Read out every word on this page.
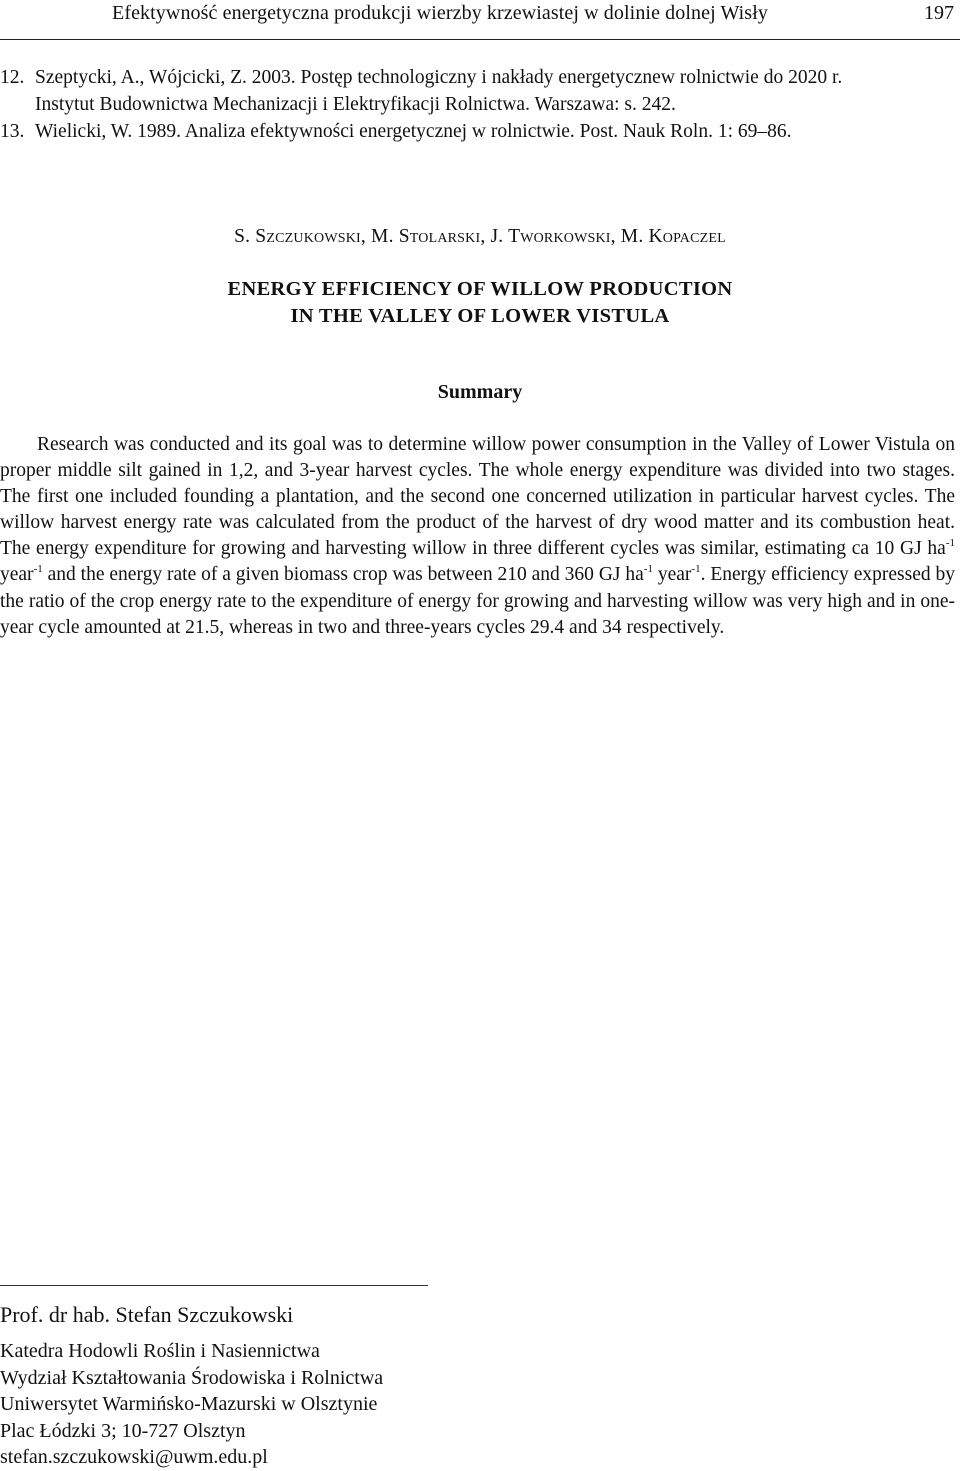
Efektywność energetyczna produkcji wierzby krzewiastej w dolinie dolnej Wisły	197
12. Szeptycki, A., Wójcicki, Z. 2003. Postęp technologiczny i nakłady energetycznew rolnictwie do 2020 r.
Instytut Budownictwa Mechanizacji i Elektryfikacji Rolnictwa. Warszawa: s. 242.
13. Wielicki, W. 1989. Analiza efektywności energetycznej w rolnictwie. Post. Nauk Roln. 1: 69–86.
S. Szczukowski, M. Stolarski, J. Tworkowski, M. Kopaczel
ENERGY EFFICIENCY OF WILLOW PRODUCTION
IN THE VALLEY OF LOWER VISTULA
Summary
Research was conducted and its goal was to determine willow power consumption in the Valley of Lower Vistula on proper middle silt gained in 1,2, and 3-year harvest cycles. The whole energy expenditure was divided into two stages. The first one included founding a plantation, and the second one concerned utilization in particular harvest cycles. The willow harvest energy rate was calculated from the product of the harvest of dry wood matter and its combustion heat. The energy expenditure for growing and harvesting willow in three different cycles was similar, estimating ca 10 GJ $ha^{-1}$ year$^{-1}$ and the energy rate of a given biomass crop was between 210 and 360 GJ $ha^{-1}$ year$^{-1}$. Energy efficiency expressed by the ratio of the crop energy rate to the expenditure of energy for growing and harvesting willow was very high and in one-year cycle amounted at 21.5, whereas in two and three-years cycles 29.4 and 34 respectively.
Prof. dr hab. Stefan Szczukowski
Katedra Hodowli Roślin i Nasiennictwa
Wydział Kształtowania Środowiska i Rolnictwa
Uniwersytet Warmińsko-Mazurski w Olsztynie
Plac Łódzki 3; 10-727 Olsztyn
stefan.szczukowski@uwm.edu.pl
